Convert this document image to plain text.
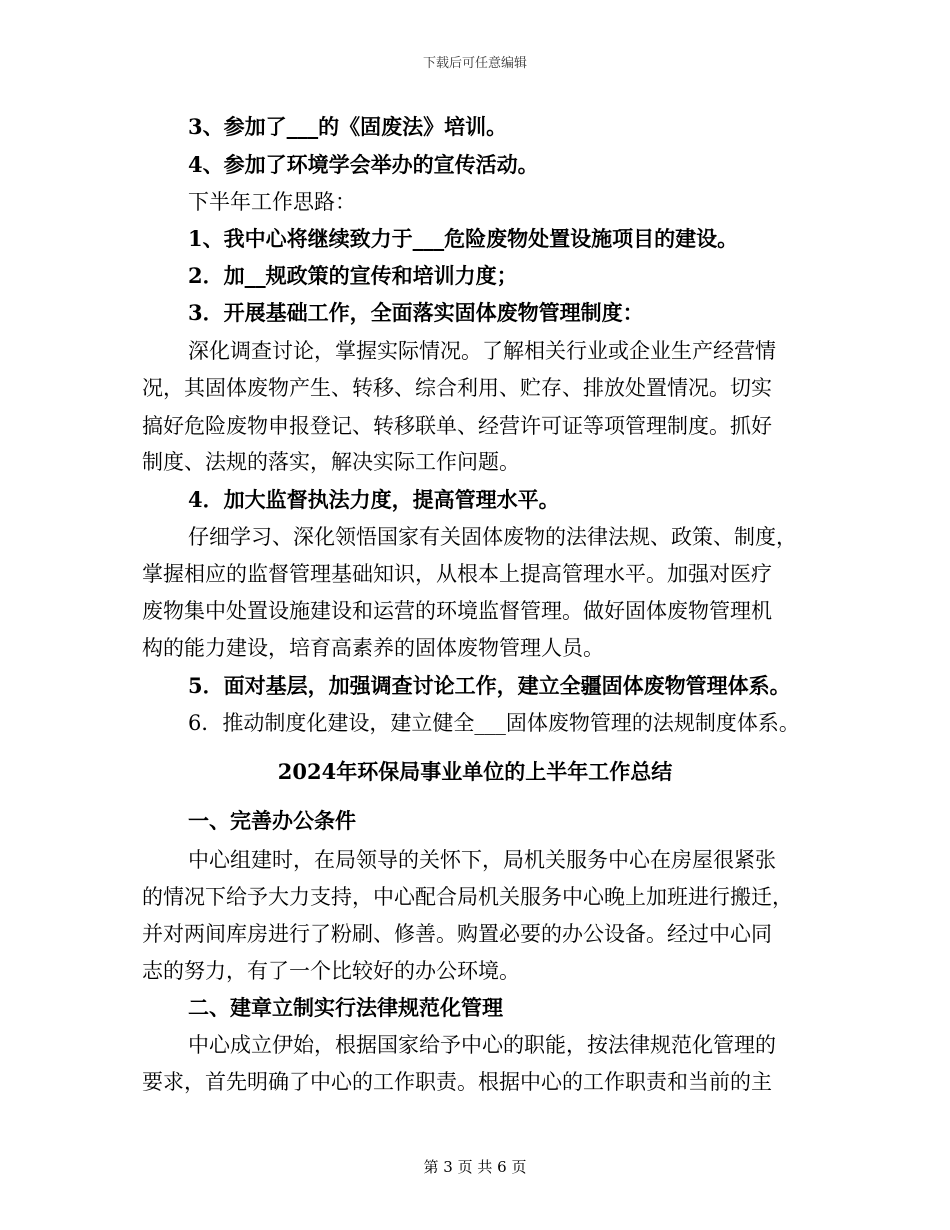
下载后可任意编辑
3、参加了___的《固废法》培训。
4、参加了环境学会举办的宣传活动。
下半年工作思路：
1、我中心将继续致力于___危险废物处置设施项目的建设。
2．加__规政策的宣传和培训力度；
3．开展基础工作，全面落实固体废物管理制度：
深化调查讨论，掌握实际情况。了解相关行业或企业生产经营情
况，其固体废物产生、转移、综合利用、贮存、排放处置情况。切实
搞好危险废物申报登记、转移联单、经营许可证等项管理制度。抓好
制度、法规的落实，解决实际工作问题。
4．加大监督执法力度，提高管理水平。
仔细学习、深化领悟国家有关固体废物的法律法规、政策、制度，
掌握相应的监督管理基础知识，从根本上提高管理水平。加强对医疗
废物集中处置设施建设和运营的环境监督管理。做好固体废物管理机
构的能力建设，培育高素养的固体废物管理人员。
5．面对基层，加强调查讨论工作，建立全疆固体废物管理体系。
6．推动制度化建设，建立健全___固体废物管理的法规制度体系。
2024年环保局事业单位的上半年工作总结
一、完善办公条件
中心组建时，在局领导的关怀下，局机关服务中心在房屋很紧张
的情况下给予大力支持，中心配合局机关服务中心晚上加班进行搬迁，
并对两间库房进行了粉刷、修善。购置必要的办公设备。经过中心同
志的努力，有了一个比较好的办公环境。
二、建章立制实行法律规范化管理
中心成立伊始，根据国家给予中心的职能，按法律规范化管理的
要求，首先明确了中心的工作职责。根据中心的工作职责和当前的主
第 3 页 共 6 页
